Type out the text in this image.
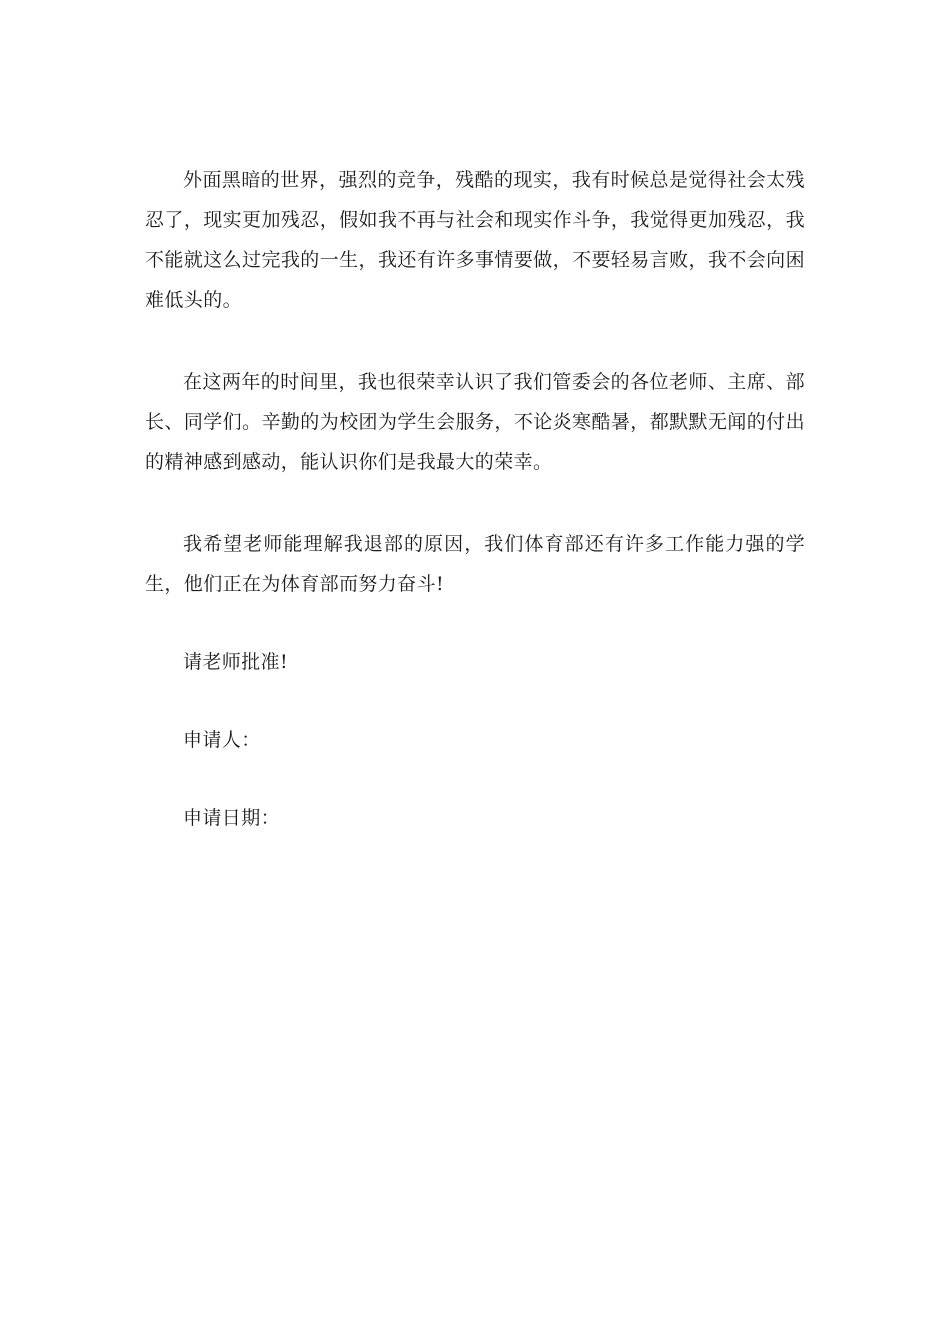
外面黑暗的世界，强烈的竞争，残酷的现实，我有时候总是觉得社会太残忍了，现实更加残忍，假如我不再与社会和现实作斗争，我觉得更加残忍，我不能就这么过完我的一生，我还有许多事情要做，不要轻易言败，我不会向困难低头的。

在这两年的时间里，我也很荣幸认识了我们管委会的各位老师、主席、部长、同学们。辛勤的为校团为学生会服务，不论炎寒酷暑，都默默无闻的付出的精神感到感动，能认识你们是我最大的荣幸。

我希望老师能理解我退部的原因，我们体育部还有许多工作能力强的学生，他们正在为体育部而努力奋斗!

请老师批准!

申请人：

申请日期：
